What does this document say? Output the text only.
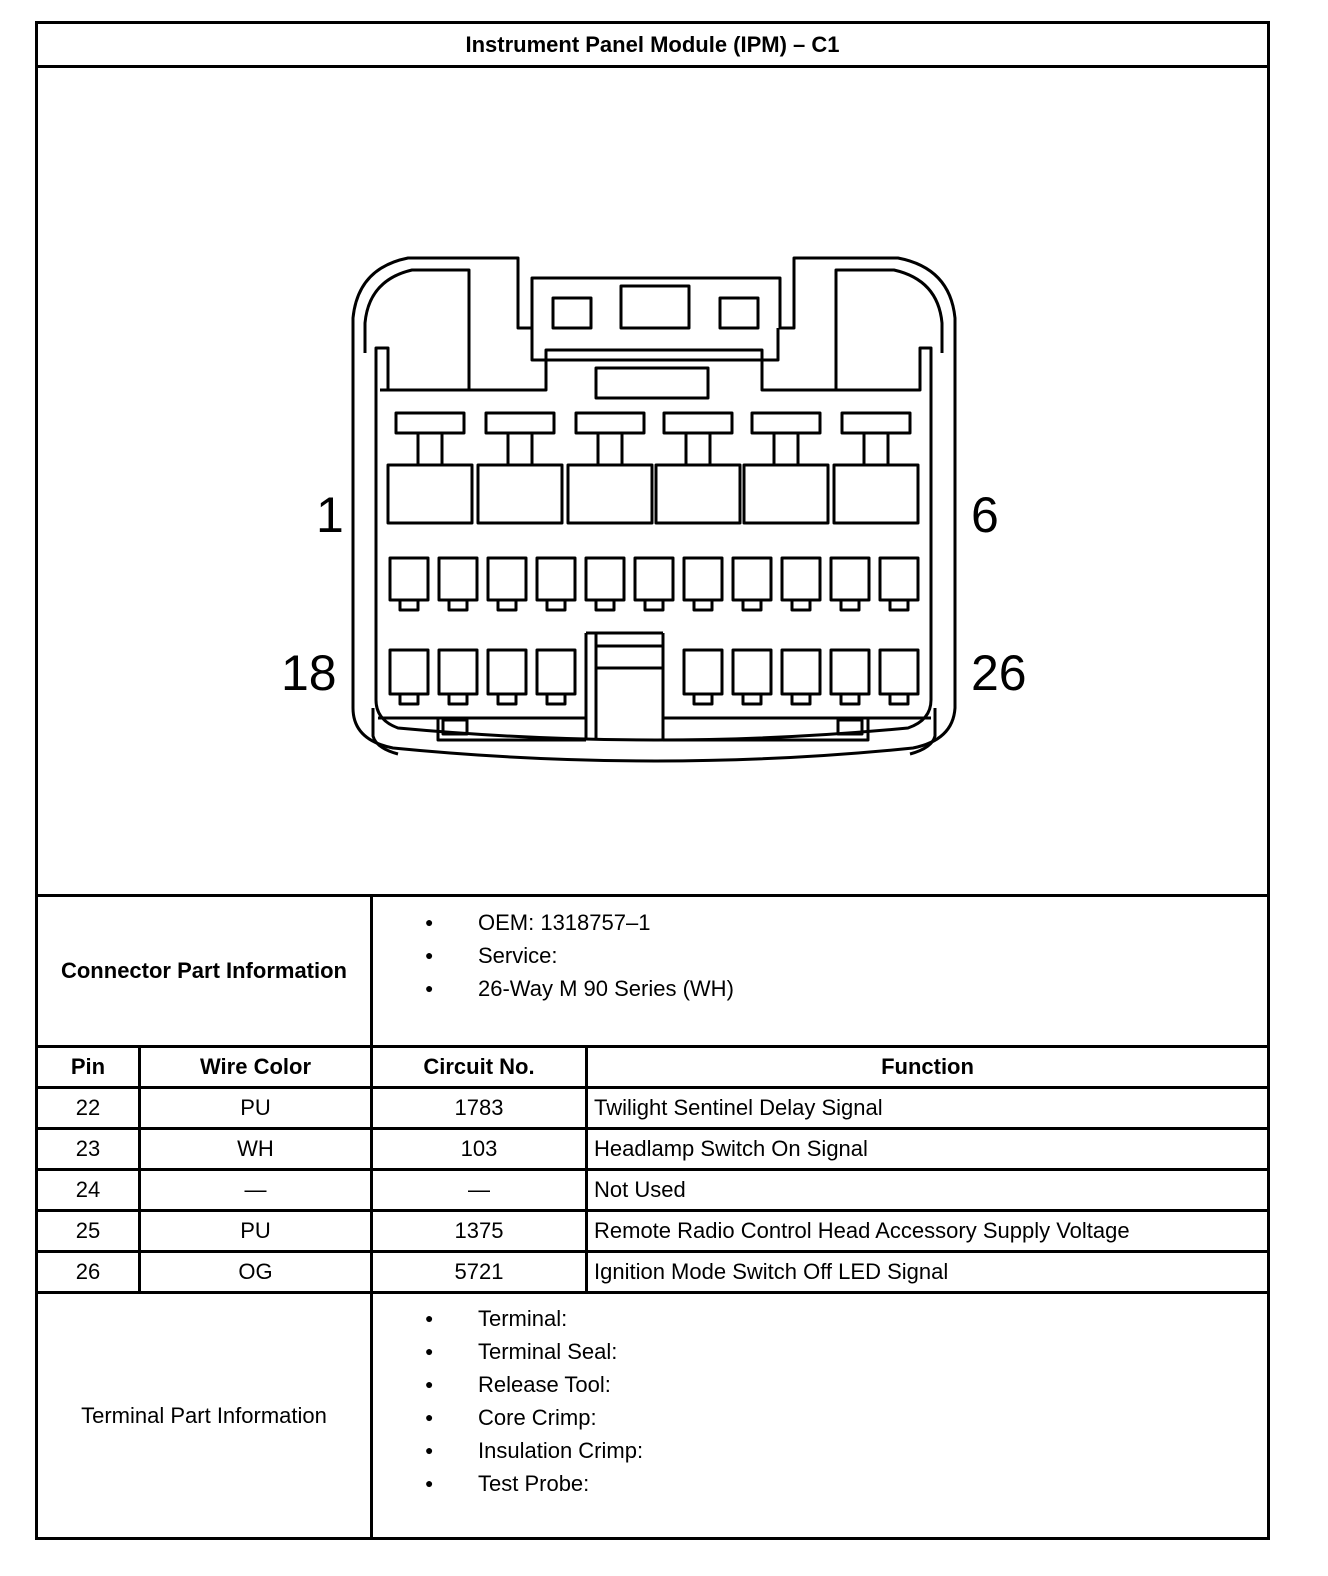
Instrument Panel Module (IPM) – C1
1	6
18	26
Connector Part Information
● OEM: 1318757–1
● Service:
● 26-Way M 90 Series (WH)
Pin	Wire Color	Circuit No.	Function
22	PU	1783	Twilight Sentinel Delay Signal
23	WH	103	Headlamp Switch On Signal
24	—	—	Not Used
25	PU	1375	Remote Radio Control Head Accessory Supply Voltage
26	OG	5721	Ignition Mode Switch Off LED Signal
Terminal Part Information
● Terminal:
● Terminal Seal:
● Release Tool:
● Core Crimp:
● Insulation Crimp:
● Test Probe:
